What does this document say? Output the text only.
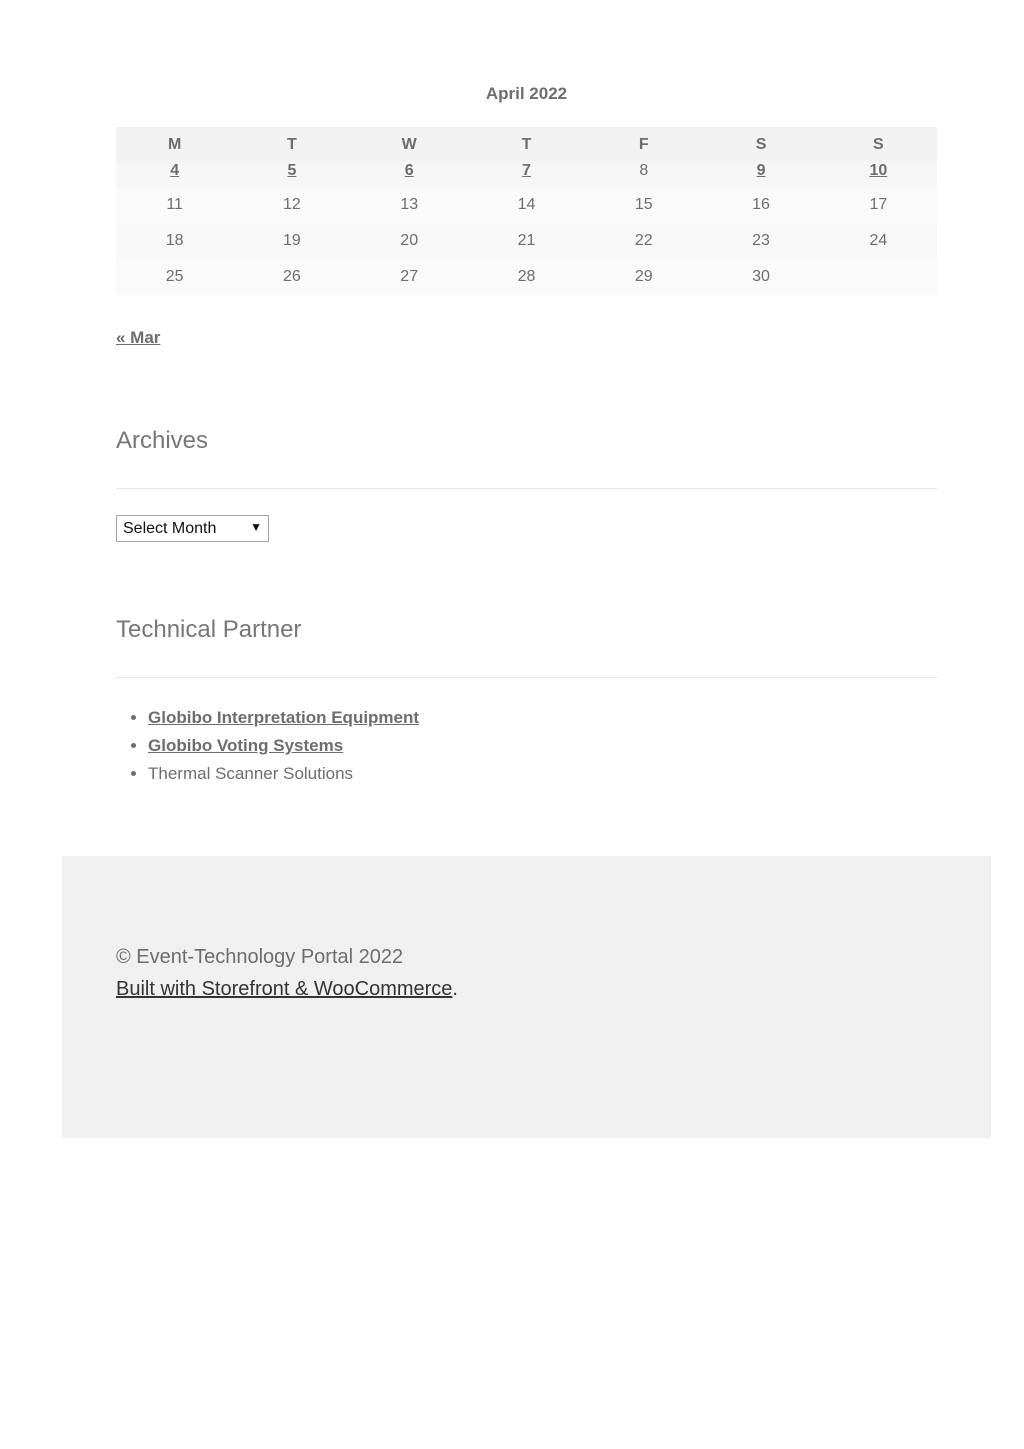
April 2022
M	T	W	T	F	S	S
4	5	6	7	8	9	10
11	12	13	14	15	16	17
18	19	20	21	22	23	24
25	26	27	28	29	30	
« Mar
Archives
Select Month	▼
Technical Partner
• Globibo Interpretation Equipment
• Globibo Voting Systems
• Thermal Scanner Solutions
© Event-Technology Portal 2022
Built with Storefront & WooCommerce.
